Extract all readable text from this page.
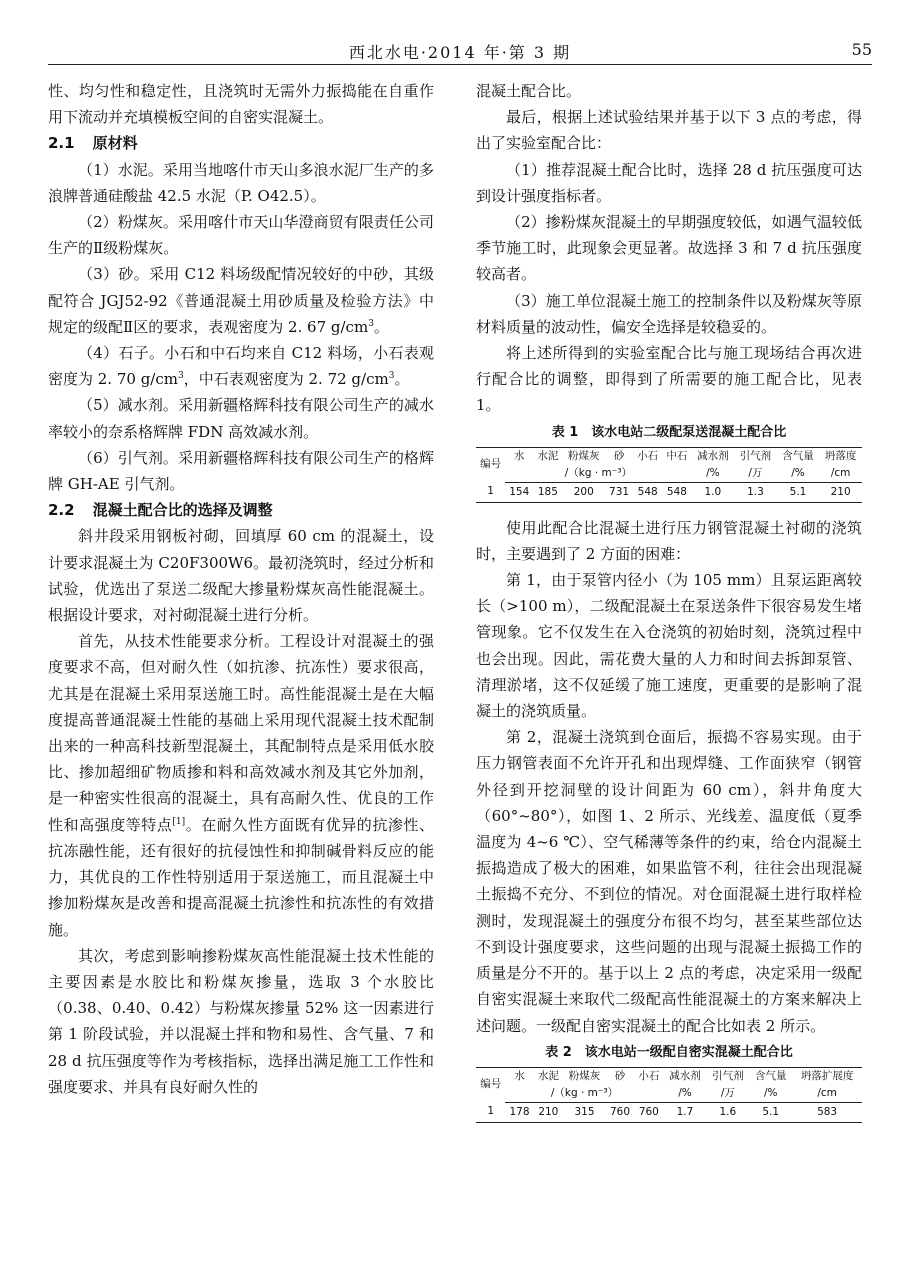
西北水电·2014 年·第 3 期	55

性、均匀性和稳定性，且浇筑时无需外力振捣能在自重作用下流动并充填模板空间的自密实混凝土。

2.1 原材料

（1）水泥。采用当地喀什市天山多浪水泥厂生产的多浪牌普通硅酸盐 42.5 水泥（P. O42.5）。

（2）粉煤灰。采用喀什市天山华澄商贸有限责任公司生产的Ⅱ级粉煤灰。

（3）砂。采用 C12 料场级配情况较好的中砂，其级配符合 JGJ52-92《普通混凝土用砂质量及检验方法》中规定的级配Ⅱ区的要求，表观密度为 2. 67 $g/cm^3$。

（4）石子。小石和中石均来自 C12 料场，小石表观密度为 2. 70 $g/cm^3$，中石表观密度为 2. 72 $g/cm^3$。

（5）减水剂。采用新疆格辉科技有限公司生产的减水率较小的奈系格辉牌 FDN 高效减水剂。

（6）引气剂。采用新疆格辉科技有限公司生产的格辉牌 GH-AE 引气剂。

2.2 混凝土配合比的选择及调整

斜井段采用钢板衬砌，回填厚 60 cm 的混凝土，设计要求混凝土为 C20F300W6。最初浇筑时，经过分析和试验，优选出了泵送二级配大掺量粉煤灰高性能混凝土。根据设计要求，对衬砌混凝土进行分析。

首先，从技术性能要求分析。工程设计对混凝土的强度要求不高，但对耐久性（如抗渗、抗冻性）要求很高，尤其是在混凝土采用泵送施工时。高性能混凝土是在大幅度提高普通混凝土性能的基础上采用现代混凝土技术配制出来的一种高科技新型混凝土，其配制特点是采用低水胶比、掺加超细矿物质掺和料和高效减水剂及其它外加剂，是一种密实性很高的混凝土，具有高耐久性、优良的工作性和高强度等特点[1]。在耐久性方面既有优异的抗渗性、抗冻融性能，还有很好的抗侵蚀性和抑制碱骨料反应的能力，其优良的工作性特别适用于泵送施工，而且混凝土中掺加粉煤灰是改善和提高混凝土抗渗性和抗冻性的有效措施。

其次，考虑到影响掺粉煤灰高性能混凝土技术性能的主要因素是水胶比和粉煤灰掺量，选取 3 个水胶比（0.38、0.40、0.42）与粉煤灰掺量 52% 这一因素进行第 1 阶段试验，并以混凝土拌和物和易性、含气量、7 和 28 d 抗压强度等作为考核指标，选择出满足施工工作性和强度要求、并具有良好耐久性的

混凝土配合比。

最后，根据上述试验结果并基于以下 3 点的考虑，得出了实验室配合比：

（1）推荐混凝土配合比时，选择 28 d 抗压强度可达到设计强度指标者。

（2）掺粉煤灰混凝土的早期强度较低，如遇气温较低季节施工时，此现象会更显著。故选择 3 和 7 d 抗压强度较高者。

（3）施工单位混凝土施工的控制条件以及粉煤灰等原材料质量的波动性，偏安全选择是较稳妥的。

将上述所得到的实验室配合比与施工现场结合再次进行配合比的调整，即得到了所需要的施工配合比，见表 1。

表 1　该水电站二级配泵送混凝土配合比
编号	水	水泥	粉煤灰	砂	小石	中石	减水剂	引气剂	含气量	坍落度
	/（kg · m⁻³）						/%	/万	/%	/cm
1	154	185	200	731	548	548	1.0	1.3	5.1	210

使用此配合比混凝土进行压力钢管混凝土衬砌的浇筑时，主要遇到了 2 方面的困难：

第 1，由于泵管内径小（为 105 mm）且泵运距离较长（>100 m），二级配混凝土在泵送条件下很容易发生堵管现象。它不仅发生在入仓浇筑的初始时刻，浇筑过程中也会出现。因此，需花费大量的人力和时间去拆卸泵管、清理淤堵，这不仅延缓了施工速度，更重要的是影响了混凝土的浇筑质量。

第 2，混凝土浇筑到仓面后，振捣不容易实现。由于压力钢管表面不允许开孔和出现焊缝、工作面狭窄（钢管外径到开挖洞壁的设计间距为 60 cm），斜井角度大（60°~80°），如图 1、2 所示、光线差、温度低（夏季温度为 4~6 ℃）、空气稀薄等条件的约束，给仓内混凝土振捣造成了极大的困难，如果监管不利，往往会出现混凝土振捣不充分、不到位的情况。对仓面混凝土进行取样检测时，发现混凝土的强度分布很不均匀，甚至某些部位达不到设计强度要求，这些问题的出现与混凝土振捣工作的质量是分不开的。基于以上 2 点的考虑，决定采用一级配自密实混凝土来取代二级配高性能混凝土的方案来解决上述问题。一级配自密实混凝土的配合比如表 2 所示。

表 2　该水电站一级配自密实混凝土配合比
编号	水	水泥	粉煤灰	砂	小石	减水剂	引气剂	含气量	坍落扩展度
	/（kg · m⁻³）					/%	/万	/%	/cm
1	178	210	315	760	760	1.7	1.6	5.1	583
